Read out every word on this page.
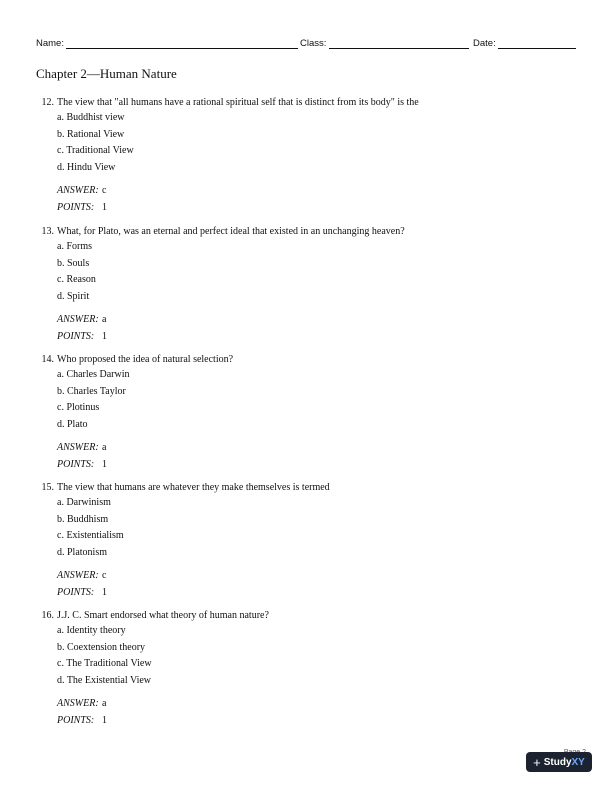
Name:	Class:	Date:
Chapter 2—Human Nature
12. The view that "all humans have a rational spiritual self that is distinct from its body" is the
a. Buddhist view
b. Rational View
c. Traditional View
d. Hindu View
ANSWER: c
POINTS: 1
13. What, for Plato, was an eternal and perfect ideal that existed in an unchanging heaven?
a. Forms
b. Souls
c. Reason
d. Spirit
ANSWER: a
POINTS: 1
14. Who proposed the idea of natural selection?
a. Charles Darwin
b. Charles Taylor
c. Plotinus
d. Plato
ANSWER: a
POINTS: 1
15. The view that humans are whatever they make themselves is termed
a. Darwinism
b. Buddhism
c. Existentialism
d. Platonism
ANSWER: c
POINTS: 1
16. J.J. C. Smart endorsed what theory of human nature?
a. Identity theory
b. Coextension theory
c. The Traditional View
d. The Existential View
ANSWER: a
POINTS: 1
+ StudyXY
